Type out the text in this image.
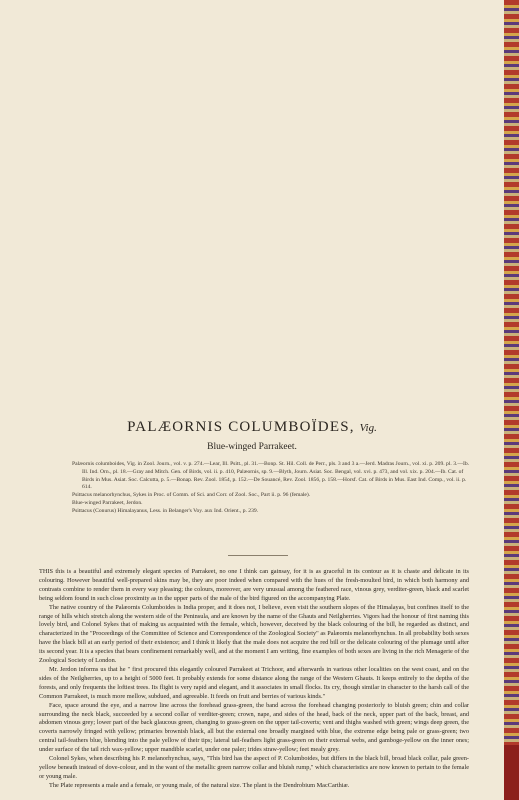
PALÆORNIS COLUMBOÏDES, Vig.
Blue-winged Parrakeet.

Palæornis columboides, Vig. in Zool. Journ., vol. v. p. 274.—Lear, Ill. Psitt., pl. 31.—Bonp. St. Hil. Coll. de Perr., pls. 3 and 3 a.—Jerd. Madras Journ., vol. xi. p. 209. pl. 3.—Ib. Ill. Ind. Orn., pl. 18.—Gray and Mitch. Gen. of Birds, vol. ii. p. 410, Palæornis, sp. 9.—Blyth, Journ. Asiat. Soc. Bengal, vol. xvi. p. 473, and vol. xix. p. 204.—Ib. Cat. of Birds in Mus. Asiat. Soc. Calcutta, p. 5.—Bonap. Rev. Zool. 1854, p. 152.—De Souancé, Rev. Zool. 1856, p. 158.—Horsf. Cat. of Birds in Mus. East Ind. Comp., vol. ii. p. 614.

Psittacus melanorhynchus, Sykes in Proc. of Comm. of Sci. and Corr. of Zool. Soc., Part ii. p. 96 (female).

Blue-winged Parrakeet, Jerdon.

Psittacus (Conurus) Himalayanus, Less. in Belanger's Voy. aux Ind. Orient., p. 239.

THIS this is a beautiful and extremely elegant species of Parrakeet, no one I think can gainsay, for it is as graceful in its contour as it is chaste and delicate in its colouring. However beautiful well-prepared skins may be, they are poor indeed when compared with the hues of the fresh-moulted bird, in which both harmony and contrasts combine to render them in every way pleasing; the colours, moreover, are very unusual among the feathered race, vinous grey, verditer-green, black and scarlet being seldom found in such close proximity as in the upper parts of the male of the bird figured on the accompanying Plate.

The native country of the Palæornis Columboides is India proper, and it does not, I believe, even visit the southern slopes of the Himalayas, but confines itself to the range of hills which stretch along the western side of the Peninsula, and are known by the name of the Ghauts and Neilgherries. Vigors had the honour of first naming this lovely bird, and Colonel Sykes that of making us acquainted with the female, which, however, deceived by the black colouring of the bill, he regarded as distinct, and characterized in the "Proceedings of the Committee of Science and Correspondence of the Zoological Society" as Palæornis melanorhynchus. In all probability both sexes have the black bill at an early period of their existence; and I think it likely that the male does not acquire the red bill or the delicate colouring of the plumage until after its second year. It is a species that bears confinement remarkably well, and at the moment I am writing, fine examples of both sexes are living in the rich Menagerie of the Zoological Society of London.

Mr. Jerdon informs us that he " first procured this elegantly coloured Parrakeet at Trichoor, and afterwards in various other localities on the west coast, and on the sides of the Neilgherries, up to a height of 5000 feet. It probably extends for some distance along the range of the Western Ghauts. It keeps entirely to the depths of the forests, and only frequents the loftiest trees. Its flight is very rapid and elegant, and it associates in small flocks. Its cry, though similar in character to the harsh call of the Common Parrakeet, is much more mellow, subdued, and agreeable. It feeds on fruit and berries of various kinds."

Face, space around the eye, and a narrow line across the forehead grass-green, the band across the forehead changing posteriorly to bluish green; chin and collar surrounding the neck black, succeeded by a second collar of verditer-green; crown, nape, and sides of the head, back of the neck, upper part of the back, breast, and abdomen vinous grey; lower part of the back glaucous green, changing to grass-green on the upper tail-coverts; vent and thighs washed with green; wings deep green, the coverts narrowly fringed with yellow; primaries brownish black, all but the external one broadly margined with blue, the extreme edge being pale or grass-green; two central tail-feathers blue, blending into the pale yellow of their tips; lateral tail-feathers light grass-green on their external webs, and gamboge-yellow on the inner ones; under surface of the tail rich wax-yellow; upper mandible scarlet, under one paler; irides straw-yellow; feet mealy grey.

Colonel Sykes, when describing his P. melanorhynchus, says, "This bird has the aspect of P. Columboides, but differs in the black bill, broad black collar, pale green-yellow beneath instead of dove-colour, and in the want of the metallic green narrow collar and bluish rump," which characteristics are now known to pertain to the female or young male.

The Plate represents a male and a female, or young male, of the natural size. The plant is the Dendrobium MacCarthiæ.
